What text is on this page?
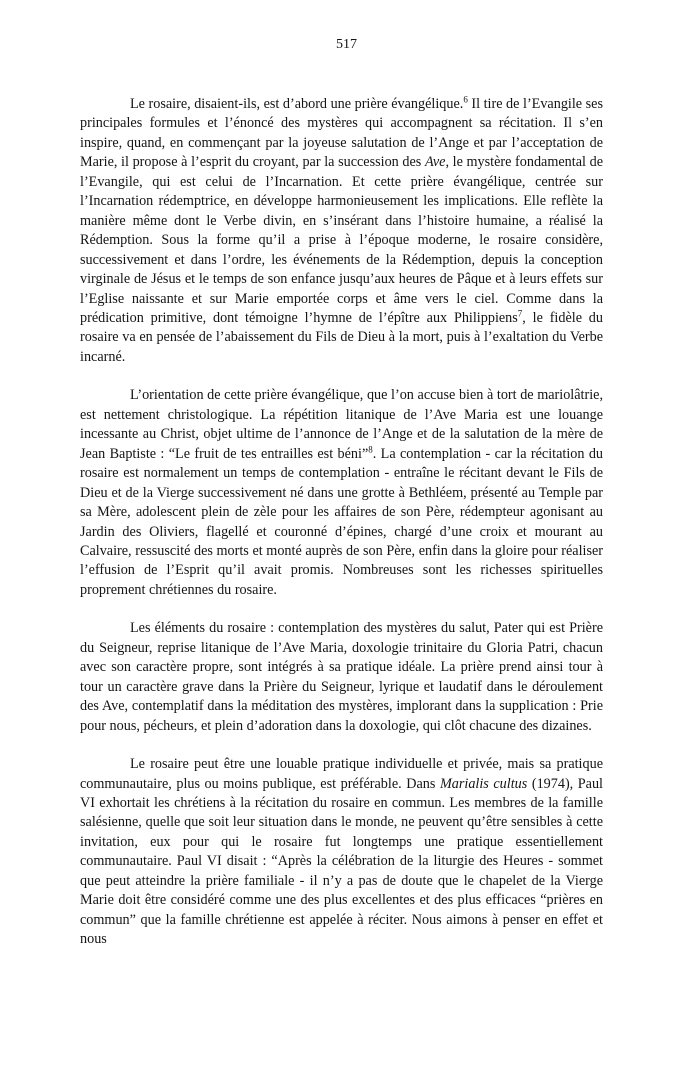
517

Le rosaire, disaient-ils, est d’abord une prière évangélique.$^6$ Il tire de l’Evangile ses principales formules et l’énoncé des mystères qui accompagnent sa récitation. Il s’en inspire, quand, en commençant par la joyeuse salutation de l’Ange et par l’acceptation de Marie, il propose à l’esprit du croyant, par la succession des Ave, le mystère fondamental de l’Evangile, qui est celui de l’Incarnation. Et cette prière évangélique, centrée sur l’Incarnation rédemptrice, en développe harmonieusement les implications. Elle reflète la manière même dont le Verbe divin, en s’insérant dans l’histoire humaine, a réalisé la Rédemption. Sous la forme qu’il a prise à l’époque moderne, le rosaire considère, successivement et dans l’ordre, les événements de la Rédemption, depuis la conception virginale de Jésus et le temps de son enfance jusqu’aux heures de Pâque et à leurs effets sur l’Eglise naissante et sur Marie emportée corps et âme vers le ciel. Comme dans la prédication primitive, dont témoigne l’hymne de l’épître aux Philippiens$^7$, le fidèle du rosaire va en pensée de l’abaissement du Fils de Dieu à la mort, puis à l’exaltation du Verbe incarné.

L’orientation de cette prière évangélique, que l’on accuse bien à tort de mariolâtrie, est nettement christologique. La répétition litanique de l’Ave Maria est une louange incessante au Christ, objet ultime de l’annonce de l’Ange et de la salutation de la mère de Jean Baptiste : “Le fruit de tes entrailles est béni”$^8$. La contemplation - car la récitation du rosaire est normalement un temps de contemplation - entraîne le récitant devant le Fils de Dieu et de la Vierge successivement né dans une grotte à Bethléem, présenté au Temple par sa Mère, adolescent plein de zèle pour les affaires de son Père, rédempteur agonisant au Jardin des Oliviers, flagellé et couronné d’épines, chargé d’une croix et mourant au Calvaire, ressuscité des morts et monté auprès de son Père, enfin dans la gloire pour réaliser l’effusion de l’Esprit qu’il avait promis. Nombreuses sont les richesses spirituelles proprement chrétiennes du rosaire.

Les éléments du rosaire : contemplation des mystères du salut, Pater qui est Prière du Seigneur, reprise litanique de l’Ave Maria, doxologie trinitaire du Gloria Patri, chacun avec son caractère propre, sont intégrés à sa pratique idéale. La prière prend ainsi tour à tour un caractère grave dans la Prière du Seigneur, lyrique et laudatif dans le déroulement des Ave, contemplatif dans la méditation des mystères, implorant dans la supplication : Prie pour nous, pécheurs, et plein d’adoration dans la doxologie, qui clôt chacune des dizaines.

Le rosaire peut être une louable pratique individuelle et privée, mais sa pratique communautaire, plus ou moins publique, est préférable. Dans Marialis cultus (1974), Paul VI exhortait les chrétiens à la récitation du rosaire en commun. Les membres de la famille salésienne, quelle que soit leur situation dans le monde, ne peuvent qu’être sensibles à cette invitation, eux pour qui le rosaire fut longtemps une pratique essentiellement communautaire. Paul VI disait : “Après la célébration de la liturgie des Heures - sommet que peut atteindre la prière familiale - il n’y a pas de doute que le chapelet de la Vierge Marie doit être considéré comme une des plus excellentes et des plus efficaces “prières en commun” que la famille chrétienne est appelée à réciter. Nous aimons à penser en effet et nous
